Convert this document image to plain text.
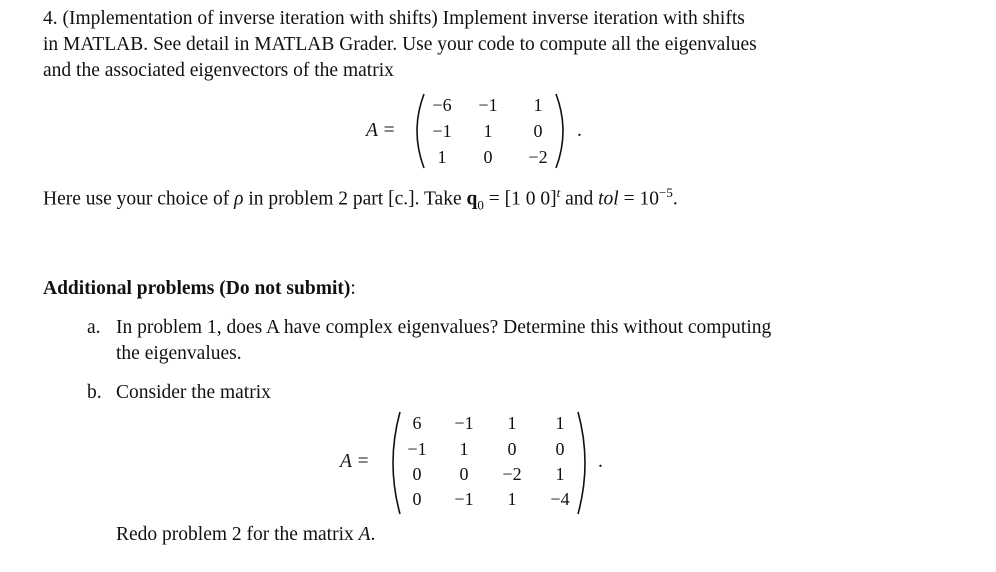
4. (Implementation of inverse iteration with shifts) Implement inverse iteration with shifts
in MATLAB. See detail in MATLAB Grader. Use your code to compute all the eigenvalues
and the associated eigenvectors of the matrix
A =
−6 −1	1
−1	1	0
1	0	−2
.
Here use your choice of ρ in problem 2 part [c.]. Take $q_0 = [1$ 0 0]$^t$ and tol = $10^{-5}$.
Additional problems (Do not submit):
a. In problem 1, does A have complex eigenvalues? Determine this without computing
the eigenvalues.
b. Consider the matrix
A =
6	−1	1	1
−1	1	0	0
0	0	−2	1
0	−1	1	−4
.
Redo problem 2 for the matrix A.
